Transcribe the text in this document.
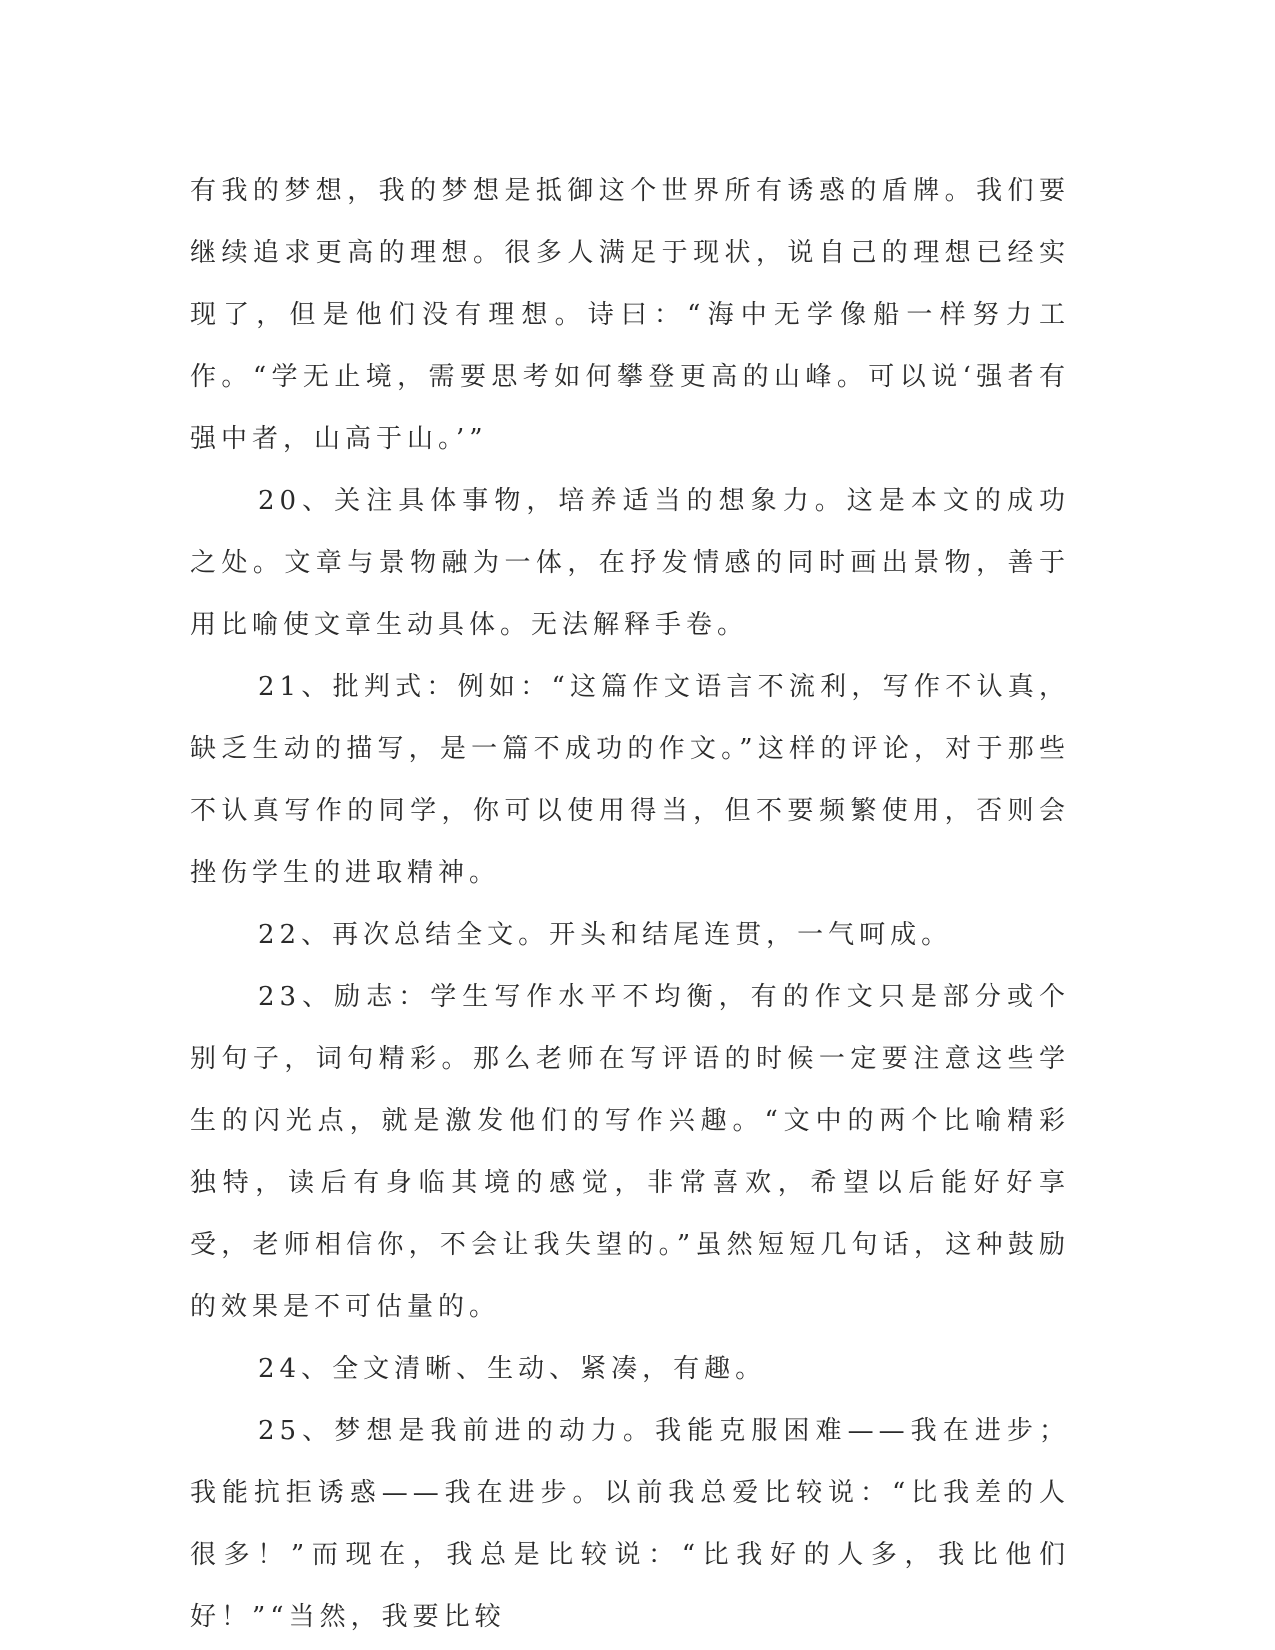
有我的梦想，我的梦想是抵御这个世界所有诱惑的盾牌。我们要继续追求更高的理想。很多人满足于现状，说自己的理想已经实现了，但是他们没有理想。诗曰：“海中无学像船一样努力工作。“学无止境，需要思考如何攀登更高的山峰。可以说‘强者有强中者，山高于山。’”

20、关注具体事物，培养适当的想象力。这是本文的成功之处。文章与景物融为一体，在抒发情感的同时画出景物，善于用比喻使文章生动具体。无法解释手卷。

21、批判式：例如：“这篇作文语言不流利，写作不认真，缺乏生动的描写，是一篇不成功的作文。”这样的评论，对于那些不认真写作的同学，你可以使用得当，但不要频繁使用，否则会挫伤学生的进取精神。

22、再次总结全文。开头和结尾连贯，一气呵成。

23、励志：学生写作水平不均衡，有的作文只是部分或个别句子，词句精彩。那么老师在写评语的时候一定要注意这些学生的闪光点，就是激发他们的写作兴趣。“文中的两个比喻精彩独特，读后有身临其境的感觉，非常喜欢，希望以后能好好享受，老师相信你，不会让我失望的。”虽然短短几句话，这种鼓励的效果是不可估量的。

24、全文清晰、生动、紧凑，有趣。

25、梦想是我前进的动力。我能克服困难——我在进步；我能抗拒诱惑——我在进步。以前我总爱比较说：“比我差的人很多！”而现在，我总是比较说：“比我好的人多，我比他们好！”“当然，我要比较
